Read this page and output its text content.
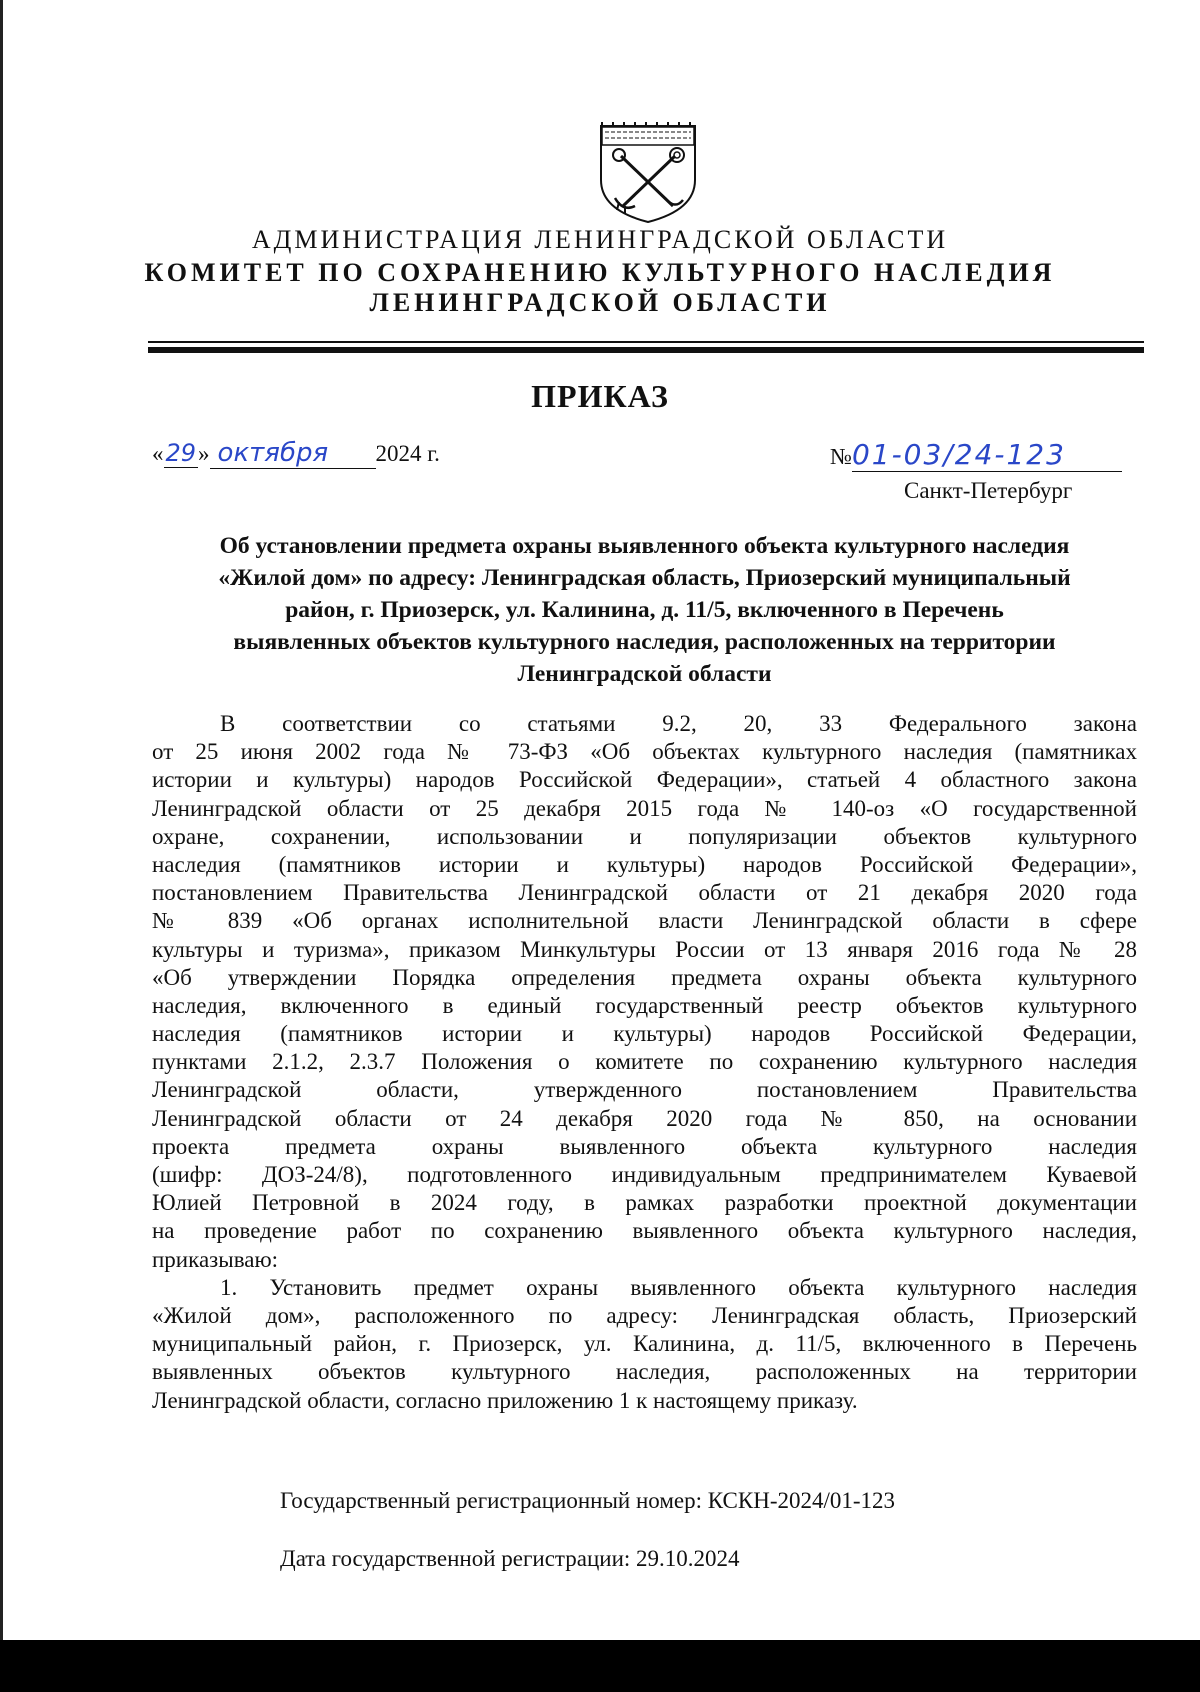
АДМИНИСТРАЦИЯ ЛЕНИНГРАДСКОЙ ОБЛАСТИ
КОМИТЕТ ПО СОХРАНЕНИЮ КУЛЬТУРНОГО НАСЛЕДИЯ
ЛЕНИНГРАДСКОЙ ОБЛАСТИ
ПРИКАЗ
«29» октября 2024 г.	№01-03/24-123
Санкт-Петербург
Об установлении предмета охраны выявленного объекта культурного наследия
«Жилой дом» по адресу: Ленинградская область, Приозерский муниципальный
район, г. Приозерск, ул. Калинина, д. 11/5, включенного в Перечень
выявленных объектов культурного наследия, расположенных на территории
Ленинградской области
В соответствии со статьями 9.2, 20, 33 Федерального закона
от 25 июня 2002 года № 73-ФЗ «Об объектах культурного наследия (памятниках
истории и культуры) народов Российской Федерации», статьей 4 областного закона
Ленинградской области от 25 декабря 2015 года № 140-оз «О государственной
охране, сохранении, использовании и популяризации объектов культурного
наследия (памятников истории и культуры) народов Российской Федерации»,
постановлением Правительства Ленинградской области от 21 декабря 2020 года
№ 839 «Об органах исполнительной власти Ленинградской области в сфере
культуры и туризма», приказом Минкультуры России от 13 января 2016 года № 28
«Об утверждении Порядка определения предмета охраны объекта культурного
наследия, включенного в единый государственный реестр объектов культурного
наследия (памятников истории и культуры) народов Российской Федерации,
пунктами 2.1.2, 2.3.7 Положения о комитете по сохранению культурного наследия
Ленинградской области, утвержденного постановлением Правительства
Ленинградской области от 24 декабря 2020 года № 850, на основании
проекта предмета охраны выявленного объекта культурного наследия
(шифр: ДОЗ-24/8), подготовленного индивидуальным предпринимателем Куваевой
Юлией Петровной в 2024 году, в рамках разработки проектной документации
на проведение работ по сохранению выявленного объекта культурного наследия,
приказываю:
1. Установить предмет охраны выявленного объекта культурного наследия
«Жилой дом», расположенного по адресу: Ленинградская область, Приозерский
муниципальный район, г. Приозерск, ул. Калинина, д. 11/5, включенного в Перечень
выявленных объектов культурного наследия, расположенных на территории
Ленинградской области, согласно приложению 1 к настоящему приказу.
Государственный регистрационный номер: КСКН-2024/01-123
Дата государственной регистрации: 29.10.2024
